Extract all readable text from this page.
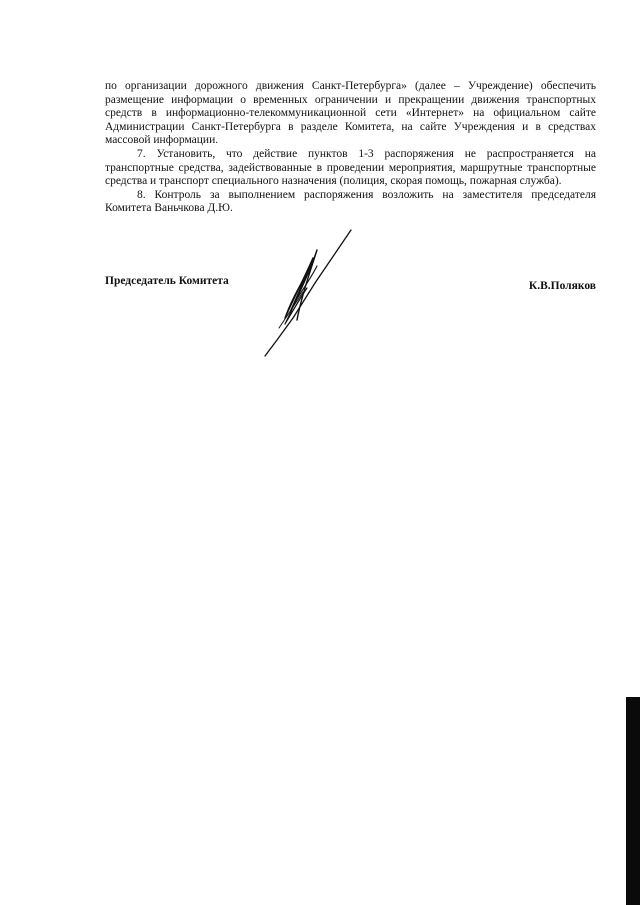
по организации дорожного движения Санкт-Петербурга» (далее – Учреждение) обеспечить размещение информации о временных ограничении и прекращении движения транспортных средств в информационно-телекоммуникационной сети «Интернет» на официальном сайте Администрации Санкт-Петербурга в разделе Комитета, на сайте Учреждения и в средствах массовой информации.

7. Установить, что действие пунктов 1-3 распоряжения не распространяется на транспортные средства, задействованные в проведении мероприятия, маршрутные транспортные средства и транспорт специального назначения (полиция, скорая помощь, пожарная служба).

8. Контроль за выполнением распоряжения возложить на заместителя председателя Комитета Ваньчкова Д.Ю.

Председатель Комитета	К.В.Поляков
